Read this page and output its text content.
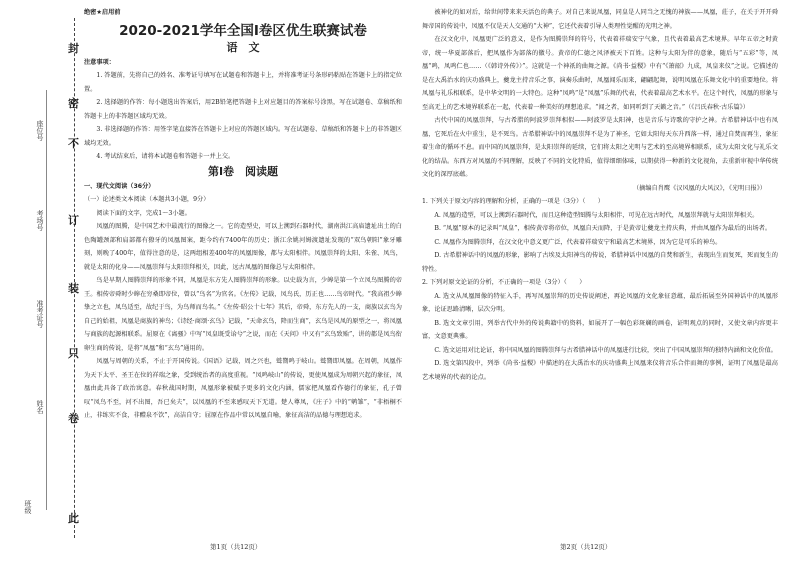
此
卷
只
装
订
不
密
封
班级
姓名
准考证号
考场号
座位号
绝密★启用前
2020-2021学年全国Ⅰ卷区优生联赛试卷
语　文

注意事项：

1. 答题前，先将自己的姓名、准考证号填写在试题卷和答题卡上，并将准考证号条形码粘贴在答题卡上的指定位置。

2. 选择题的作答：每小题选出答案后，用2B铅笔把答题卡上对应题目的答案标号涂黑，写在试题卷、草稿纸和答题卡上的非答题区域均无效。

3. 非选择题的作答：用签字笔直接答在答题卡上对应的答题区域内。写在试题卷、草稿纸和答题卡上的非答题区域均无效。

4. 考试结束后，请将本试题卷和答题卡一并上交。

第Ⅰ卷　阅读题

一、现代文阅读（36分）

（一）论述类文本阅读（本题共3小题，9分）

阅读下面的文字，完成1～3小题。

凤凰的图腾，是中国艺术中最流行的图像之一。它的造型史，可以上溯到石器时代，湖南洪江高庙遗址出土的白色陶罐颈部和肩部都有獠牙的凤凰图案，距今约有7400年的历史；浙江余姚河姆渡遗址发现的“双鸟朝阳”象牙雕刻，则晚了400年，值得注意的是，这两组相差400年的凤凰图像，都与太阳相伴。凤凰崇拜的太阳、朱雀、凤鸟，就是太阳的化身——凤凰崇拜与太阳崇拜相关，因此，远古凤凰的图像总与太阳相伴。

鸟是早期人图腾崇拜的形象不同，凤凰是东方先人图腾崇拜的形象。以史载为言，少皞是第一个立凤鸟图腾的帝王。相传帝舜时少皞在穷桑即帝位，曾以“鸟名”为官名。《左传》记载，凤鸟氏，历正也……鸟帝时代。“我高祖少皞挚之立也，凤鸟适至，故纪于鸟，为鸟师而鸟名。”《左传·昭公十七年》其后，帝舜，东方先人的一支，商族以玄鸟为自己的始祖，凤凰是商族的神鸟；《诗经·商颂·玄鸟》记载，“天命玄鸟，降而生商”，玄鸟是风凤的原型之一，将凤凰与商族的起源相联系。屈原在《离骚》中写“凤皇既受诒兮”之说，而在《天问》中又有“玄鸟致贻”，讲的都是凤鸟衔卵生商的传说，是将“凤凰”和“玄鸟”通用的。

凤凰与周朝的关系，不止于开国传说。《国语》记载，周之兴也，鹫鷟鸣于岐山。鹫鷟即凤凰。在周朝，凤凰作为天下太平、圣王在位的祥瑞之象，受到统治者的高度重视。“凤鸣岐山”的传说，更使凤凰成为周朝兴起的象征，凤凰由此具备了政治寓意。春秋战国时期，凤凰形象被赋予更多的文化内涵，儒家把凤凰看作德行的象征，孔子曾叹“凤鸟不至，河不出图，吾已矣夫”，以凤凰的不至来感叹天下无道。楚人尊凤，《庄子》中的“鹓雏”，“非梧桐不止，非练实不食，非醴泉不饮”，高洁自守；屈原在作品中常以凤凰自喻，象征高洁的品德与理想追求。

被神化的如对后，给世间带来来天活色的典子。对自己来说凤凰，同皇是人同当之无愧的神族——凤凰，莊子，在关于开开舜舞帝国的传说中，凤凰不仅是天人交通的“大神”，它还代表着引导人类理性觉醒的光明之神。

在汉文化中，凤凰更广泛的意义，是作为图腾崇拜的符号，代表着祥瑞安宁气象，且代表着最高艺术境界。早年五帝之时黄帝，统一华夏部落后，把凤凰作为部落的徽号。黄帝的仁德之风泽被天下百姓。这种与太阳为伴的意象，随后与“五彩”等，凤凰“鸣，凤鸣仁也……（《韩诗外传》）”。这就是一个神祇的曲舞之源。《尚书·益稷》中有“《箫韶》九成，凤皇来仪”之说。它描述的是在大禹治水的庆功盛典上，夔龙主持音乐之事，演奏乐曲时，凤凰闻乐而来，翩翩起舞，说明凤凰在乐舞文化中的重要地位。将凤凰与礼乐相联系，是中华文明的一大特色。这种“凤鸣”是“凤凰”乐舞的代表，代表着最高艺术水平。在这个时代，凤凰的形象与至高无上的艺术境界联系在一起，代表着一种美好的理想追求。“闻之者，如同听到了天籁之音。”（《吕氏春秋·古乐篇》）

古代中国的凤凰崇拜，与古希腊的阿波罗崇拜相似——阿波罗是太阳神，也是音乐与诗歌的守护之神。古希腊神话中也有凤凰，它死后在火中重生，是不死鸟。古希腊神话中的凤凰崇拜不是为了神圣，它如太阳每天东升西落一样，通过自焚而再生，象征着生命的循环不息。而中国的凤凰崇拜，是太阳崇拜的延续，它们将太阳之光明与艺术的至高境界相联系，成为太阳文化与礼乐文化的结晶。东西方对凤凰的不同理解，反映了不同的文化特质，值得细细体味，以期获得一种新的文化视角，去重新审视中华传统文化的深厚底蕴。

（摘编自肖鹰《汉风凰的大风汉》，《光明日报》）

1. 下列关于原文内容的理解和分析，正确的一项是（3分）（　　）

A. 凤凰的造型，可以上溯到石器时代，而且这种造型图腾与太阳相伴，可见在远古时代，凤凰崇拜就与太阳崇拜相关。

B. “凤凰”原本的记录叫“凤皇”，相传黄帝将帝位，凤凰自天而降，于是黄帝让夔龙主持庆典，并由凤凰作为最后的出场者。

C. 凤凰作为图腾崇拜，在汉文化中意义更广泛，代表着祥瑞安宁和最高艺术境界，因为它是可乐的神鸟。

D. 古希腊神话中的凤凰的形象，影响了古埃及太阳神鸟的传说，希腊神话中凤凰的自焚和新生，表现出生而复死，死而复生的特性。

2. 下列对原文论证的分析，不正确的一项是（3分）（　　）

A. 选文从凤凰图像的特征入手，再写凤凰崇拜的历史传说阐述，再论凤凰的文化象征意蕴，最后拓展至外国神话中的凤凰形象，论证思路清晰，层次分明。

B. 选文文章引用，列举古代中外的传说典籍中的资料，如展开了一幅色彩斑斓的画卷，证明观点的同时，又使文章内容更丰富，文意更典雅。

C. 选文运用对比论证，将中国凤凰的图腾崇拜与古希腊神话中的凤凰进行比较，突出了中国凤凰崇拜的独特内涵和文化价值。

D. 选文第四段中，列举《尚书·益稷》中描述的在大禹治水的庆功盛典上凤凰来仪将音乐合伴而舞的事例，证明了凤凰是最高艺术境界的代表的论点。

第1页（共12页）	第2页（共12页）
